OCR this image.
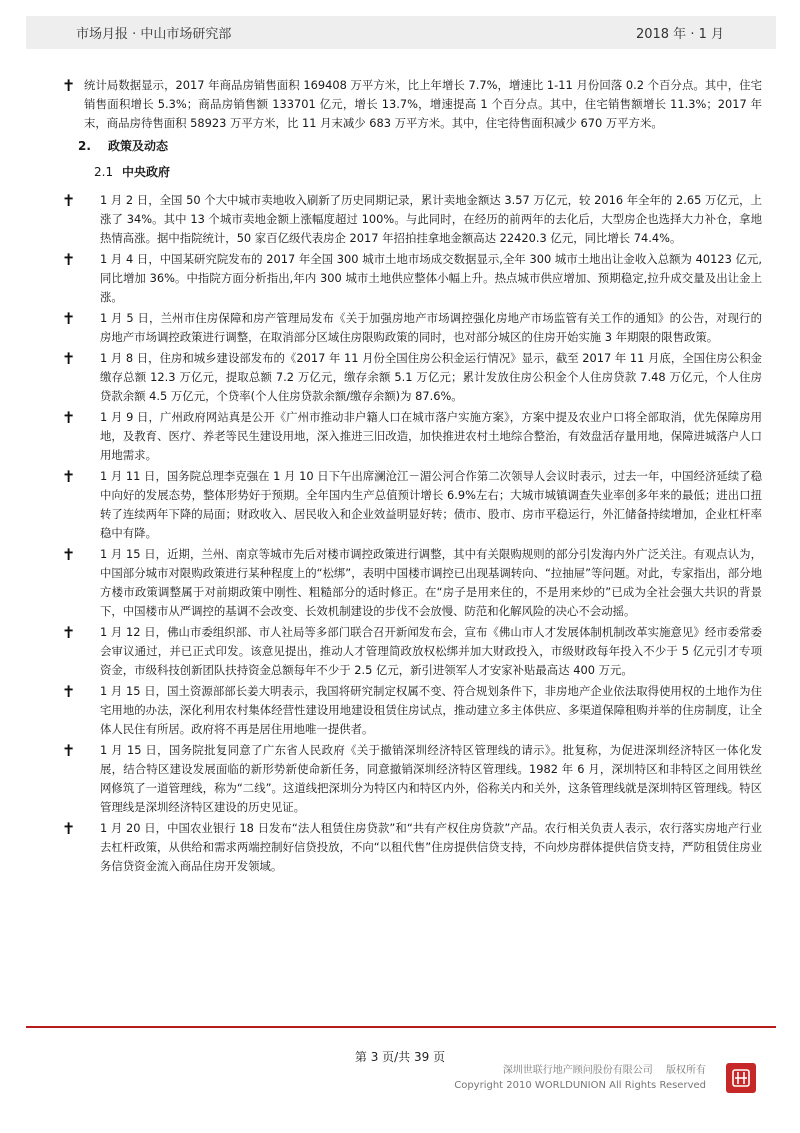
市场月报 · 中山市场研究部	2018 年 · 1 月
✝ 统计局数据显示，2017 年商品房销售面积 169408 万平方米，比上年增长 7.7%，增速比 1-11 月份回落 0.2 个百分点。其中，住宅销售面积增长 5.3%；商品房销售额 133701 亿元，增长 13.7%，增速提高 1 个百分点。其中，住宅销售额增长 11.3%；2017 年末，商品房待售面积 58923 万平方米，比 11 月末减少 683 万平方米。其中，住宅待售面积减少 670 万平方米。
2. 政策及动态
2.1 中央政府
✝ 1 月 2 日，全国 50 个大中城市卖地收入刷新了历史同期记录，累计卖地金额达 3.57 万亿元，较 2016 年全年的 2.65 万亿元，上涨了 34%。其中 13 个城市卖地金额上涨幅度超过 100%。与此同时，在经历的前两年的去化后，大型房企也选择大力补仓，拿地热情高涨。据中指院统计，50 家百亿级代表房企 2017 年招拍挂拿地金额高达 22420.3 亿元，同比增长 74.4%。
✝ 1 月 4 日，中国某研究院发布的 2017 年全国 300 城市土地市场成交数据显示,全年 300 城市土地出让金收入总额为 40123 亿元,同比增加 36%。中指院方面分析指出,年内 300 城市土地供应整体小幅上升。热点城市供应增加、预期稳定,拉升成交量及出让金上涨。
✝ 1 月 5 日，兰州市住房保障和房产管理局发布《关于加强房地产市场调控强化房地产市场监管有关工作的通知》的公告，对现行的房地产市场调控政策进行调整，在取消部分区域住房限购政策的同时，也对部分城区的住房开始实施 3 年期限的限售政策。
✝ 1 月 8 日，住房和城乡建设部发布的《2017 年 11 月份全国住房公积金运行情况》显示，截至 2017 年 11 月底，全国住房公积金缴存总额 12.3 万亿元，提取总额 7.2 万亿元，缴存余额 5.1 万亿元；累计发放住房公积金个人住房贷款 7.48 万亿元，个人住房贷款余额 4.5 万亿元，个贷率(个人住房贷款余额/缴存余额)为 87.6%。
✝ 1 月 9 日，广州政府网站真是公开《广州市推动非户籍人口在城市落户实施方案》，方案中提及农业户口将全部取消，优先保障房用地，及教育、医疗、养老等民生建设用地，深入推进三旧改造，加快推进农村土地综合整治，有效盘活存量用地，保障进城落户人口用地需求。
✝ 1 月 11 日，国务院总理李克强在 1 月 10 日下午出席澜沧江－湄公河合作第二次领导人会议时表示，过去一年，中国经济延续了稳中向好的发展态势，整体形势好于预期。全年国内生产总值预计增长 6.9%左右；大城市城镇调查失业率创多年来的最低；进出口扭转了连续两年下降的局面；财政收入、居民收入和企业效益明显好转；债市、股市、房市平稳运行，外汇储备持续增加，企业杠杆率稳中有降。
✝ 1 月 15 日，近期，兰州、南京等城市先后对楼市调控政策进行调整，其中有关限购规则的部分引发海内外广泛关注。有观点认为，中国部分城市对限购政策进行某种程度上的“松绑”，表明中国楼市调控已出现基调转向、“拉抽屉”等问题。对此，专家指出，部分地方楼市政策调整属于对前期政策中刚性、粗糙部分的适时修正。在“房子是用来住的，不是用来炒的”已成为全社会强大共识的背景下，中国楼市从严调控的基调不会改变、长效机制建设的步伐不会放慢、防范和化解风险的决心不会动摇。
✝ 1 月 12 日，佛山市委组织部、市人社局等多部门联合召开新闻发布会，宣布《佛山市人才发展体制机制改革实施意见》经市委常委会审议通过，并已正式印发。该意见提出，推动人才管理简政放权松绑并加大财政投入，市级财政每年投入不少于 5 亿元引才专项资金，市级科技创新团队扶持资金总额每年不少于 2.5 亿元，新引进领军人才安家补贴最高达 400 万元。
✝ 1 月 15 日，国土资源部部长姜大明表示，我国将研究制定权属不变、符合规划条件下，非房地产企业依法取得使用权的土地作为住宅用地的办法，深化利用农村集体经营性建设用地建设租赁住房试点，推动建立多主体供应、多渠道保障租购并举的住房制度，让全体人民住有所居。政府将不再是居住用地唯一提供者。
✝ 1 月 15 日，国务院批复同意了广东省人民政府《关于撤销深圳经济特区管理线的请示》。批复称，为促进深圳经济特区一体化发展，结合特区建设发展面临的新形势新使命新任务，同意撤销深圳经济特区管理线。1982 年 6 月，深圳特区和非特区之间用铁丝网修筑了一道管理线，称为“二线”。这道线把深圳分为特区内和特区内外，俗称关内和关外，这条管理线就是深圳特区管理线。特区管理线是深圳经济特区建设的历史见证。
✝ 1 月 20 日，中国农业银行 18 日发布“法人租赁住房贷款”和“共有产权住房贷款”产品。农行相关负责人表示，农行落实房地产行业去杠杆政策，从供给和需求两端控制好信贷投放，不向“以租代售”住房提供信贷支持，不向炒房群体提供信贷支持，严防租赁住房业务信贷资金流入商品住房开发领域。
第 3 页/共 39 页
深圳世联行地产顾问股份有限公司　 版权所有
Copyright 2010 WORLDUNION All Rights Reserved
